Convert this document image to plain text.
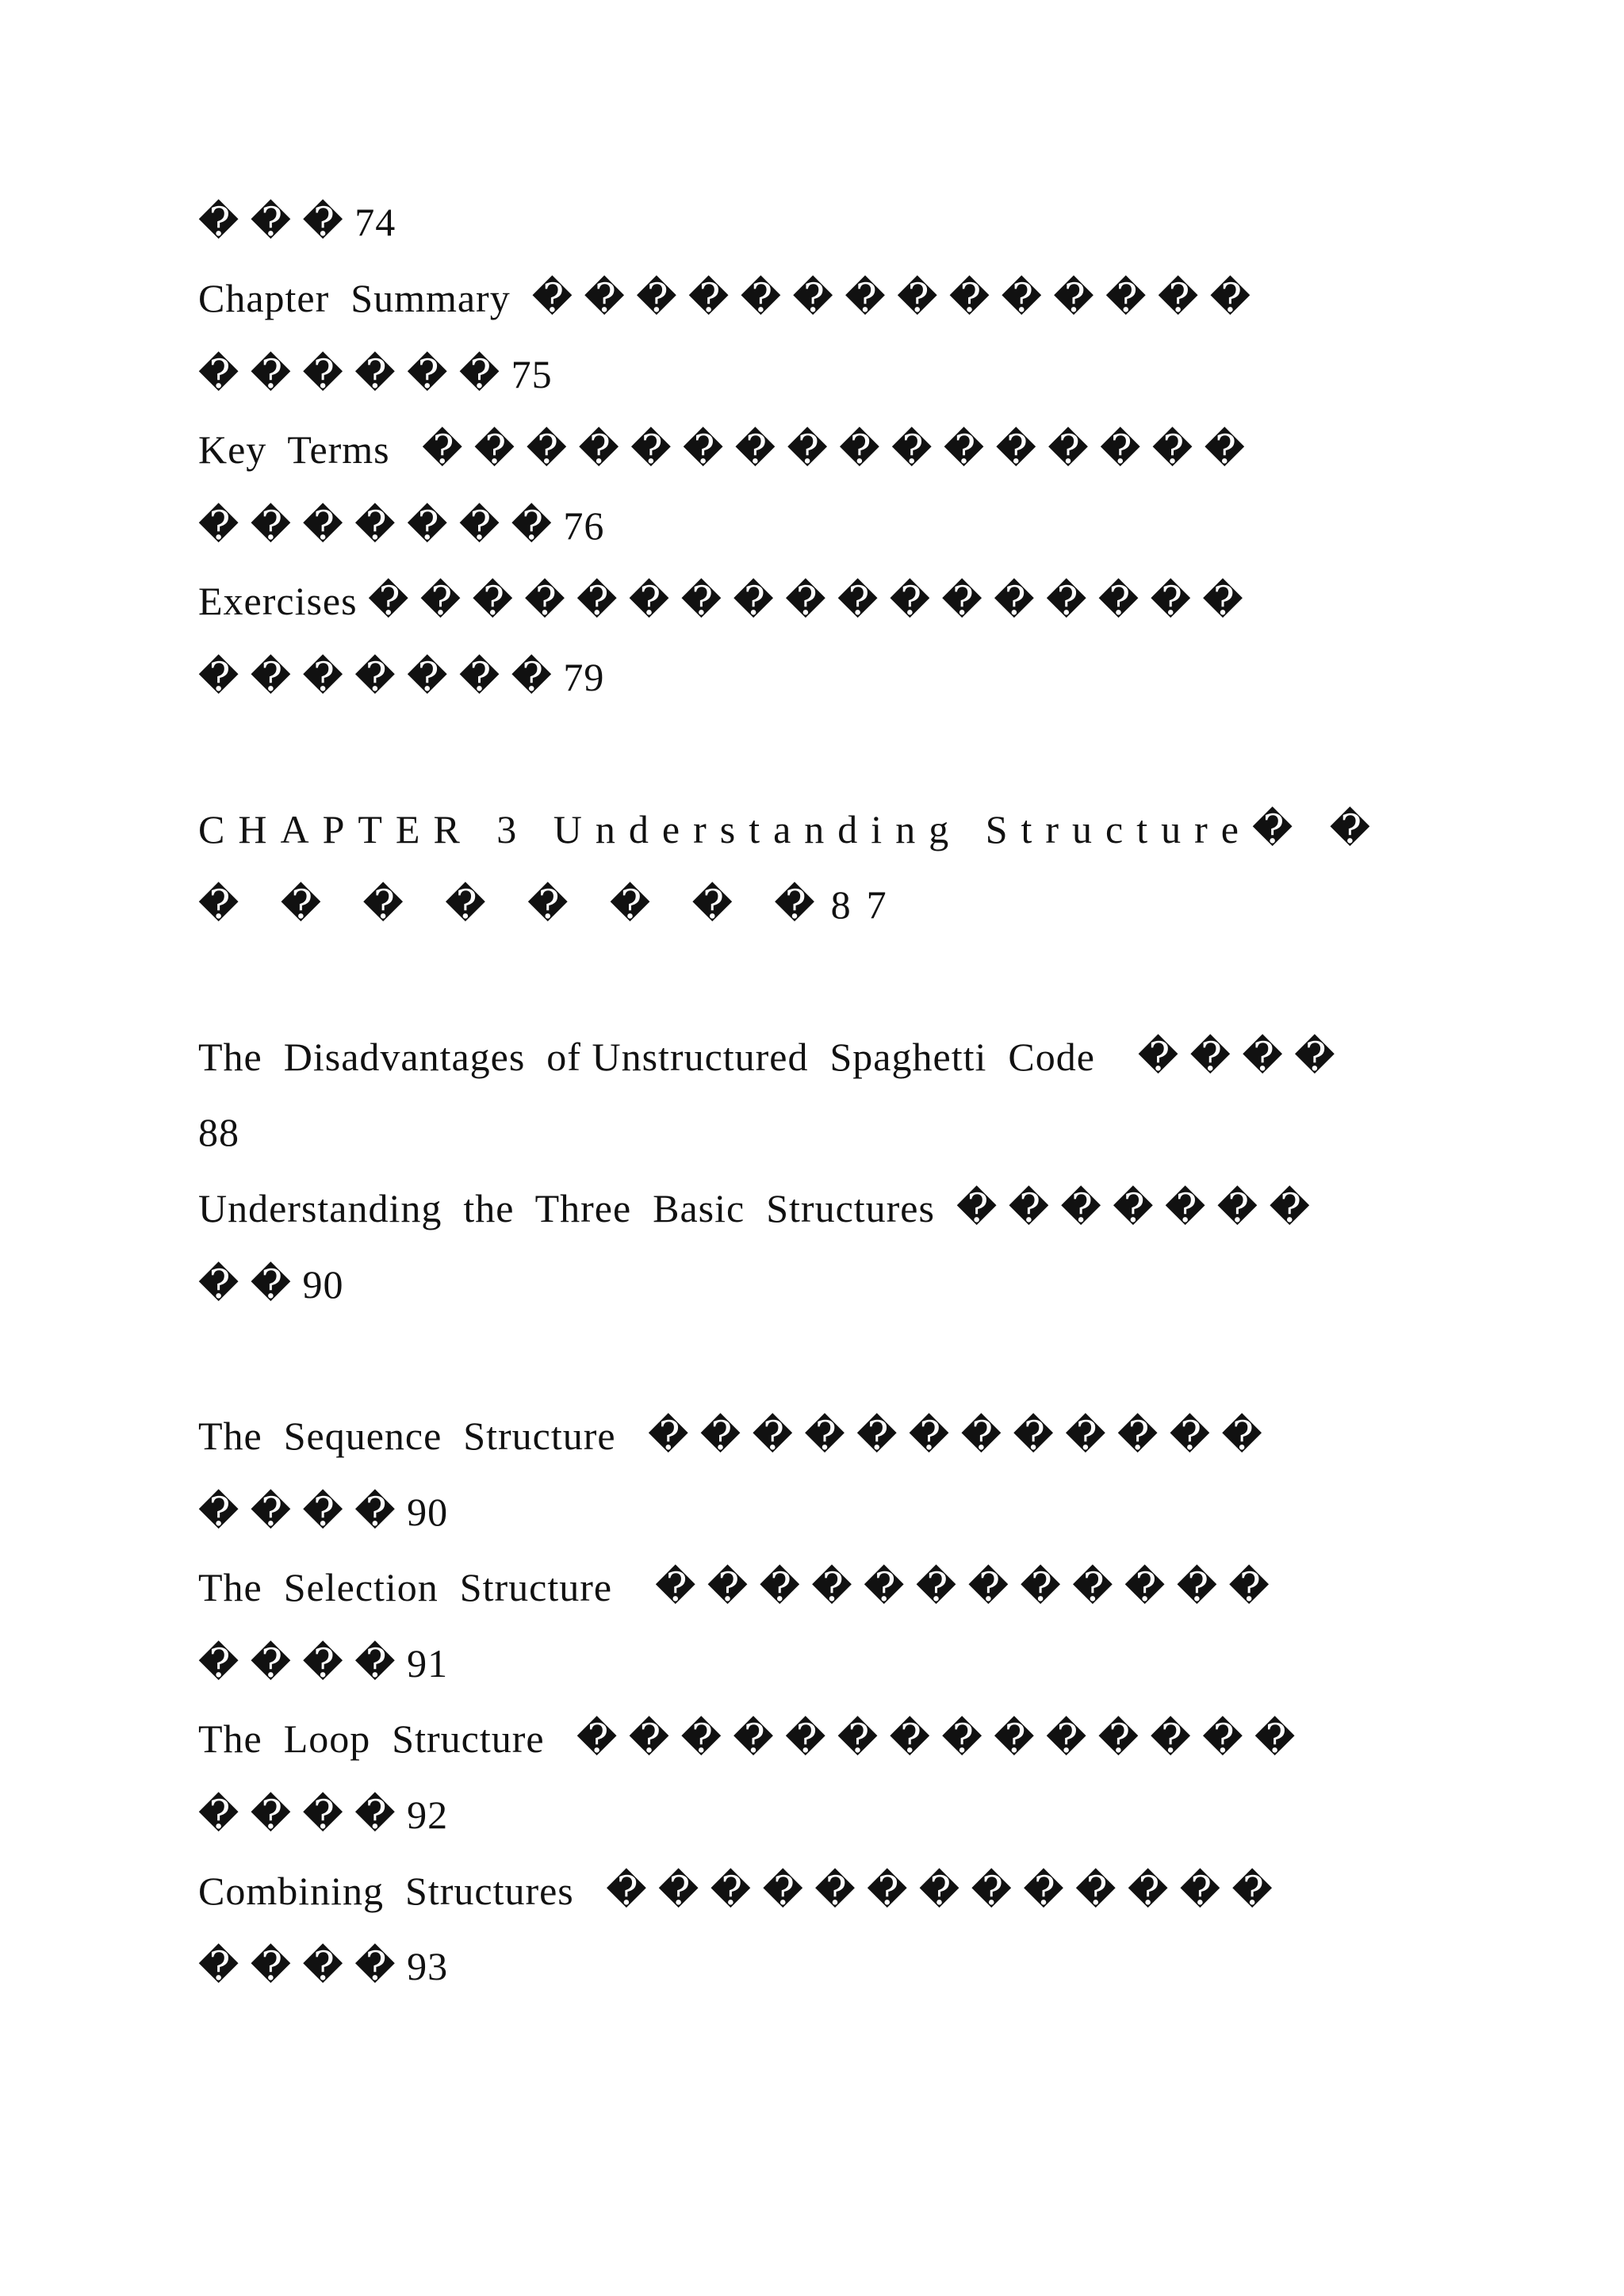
� � � 74
Chapter  Summary  � � � � � � � � � � � � � �
� � � � � � 75
Key  Terms   � � � � � � � � � � � � � � � �
� � � � � � � 76
Exercises � � � � � � � � � � � � � � � � �
� � � � � � � 79
CHAPTER 3 Understanding Structure� �
� � � � � � � �87
The  Disadvantages  of Unstructured  Spaghetti  Code    � � � �
88
Understanding  the  Three  Basic  Structures  � � � � � � �
� � 90
The  Sequence  Structure   � � � � � � � � � � � �
� � � � 90
The  Selection  Structure    � � � � � � � � � � � �
� � � � 91
The  Loop  Structure   � � � � � � � � � � � � � �
� � � � 92
Combining  Structures   � � � � � � � � � � � � �
� � � � 93
